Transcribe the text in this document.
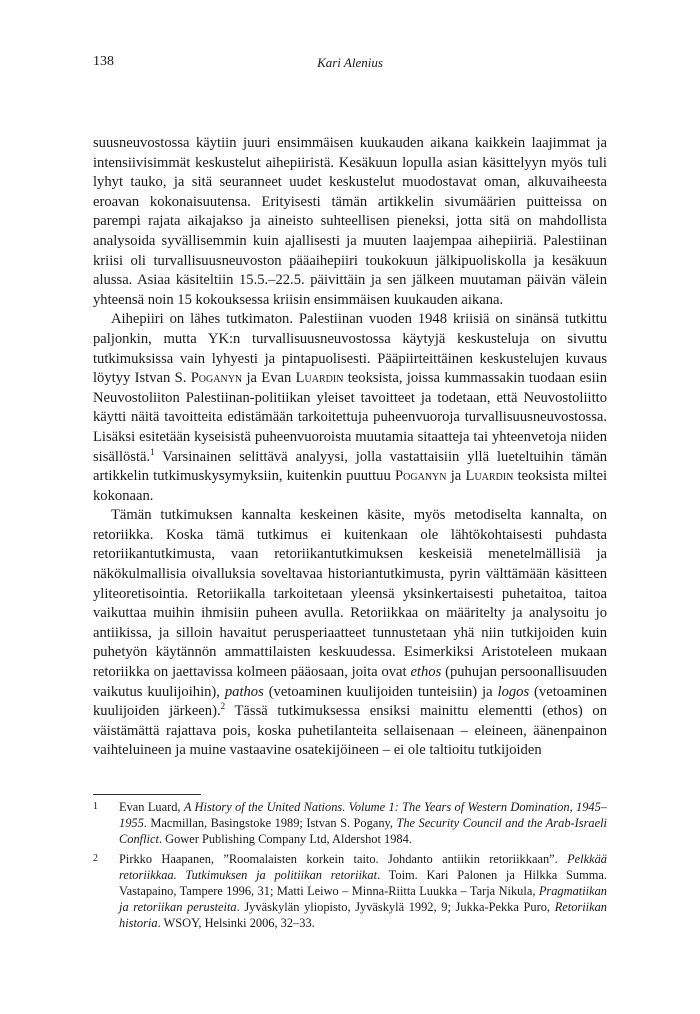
138	Kari Alenius

suusneuvostossa käytiin juuri ensimmäisen kuukauden aikana kaikkein laajimmat ja intensiivisimmät keskustelut aihepiiristä. Kesäkuun lopulla asian käsittelyyn myös tuli lyhyt tauko, ja sitä seuranneet uudet keskustelut muodostavat oman, alkuvaiheesta eroavan kokonaisuutensa. Erityisesti tämän artikkelin sivumäärien puitteissa on parempi rajata aikajakso ja aineisto suhteellisen pieneksi, jotta sitä on mahdollista analysoida syvällisemmin kuin ajallisesti ja muuten laajempaa aihepiiriä. Palestiinan kriisi oli turvallisuusneuvoston pääaihepiiri toukokuun jälkipuoliskolla ja kesäkuun alussa. Asiaa käsiteltiin 15.5.–22.5. päivittäin ja sen jälkeen muutaman päivän välein yhteensä noin 15 kokouksessa kriisin ensimmäisen kuukauden aikana.

Aihepiiri on lähes tutkimaton. Palestiinan vuoden 1948 kriisiä on sinänsä tutkittu paljonkin, mutta YK:n turvallisuusneuvostossa käytyjä keskusteluja on sivuttu tutkimuksissa vain lyhyesti ja pintapuolisesti. Pääpiirteittäinen keskustelujen kuvaus löytyy Istvan S. Poganyn ja Evan Luardin teoksista, joissa kummassakin tuodaan esiin Neuvostoliiton Palestiinan-politiikan yleiset tavoitteet ja todetaan, että Neuvostoliitto käytti näitä tavoitteita edistämään tarkoitettuja puheenvuoroja turvallisuusneuvostossa. Lisäksi esitetään kyseisistä puheenvuoroista muutamia sitaatteja tai yhteenvetoja niiden sisällöstä.$^1$ Varsinainen selittävä analyysi, jolla vastattaisiin yllä lueteltuihin tämän artikkelin tutkimuskysymyksiin, kuitenkin puuttuu Poganyn ja Luardin teoksista miltei kokonaan.

Tämän tutkimuksen kannalta keskeinen käsite, myös metodiselta kannalta, on retoriikka. Koska tämä tutkimus ei kuitenkaan ole lähtökohtaisesti puhdasta retoriikantutkimusta, vaan retoriikantutkimuksen keskeisiä menetelmällisiä ja näkökulmallisia oivalluksia soveltavaa historiantutkimusta, pyrin välttämään käsitteen yliteoretisointia. Retoriikalla tarkoitetaan yleensä yksinkertaisesti puhetaitoa, taitoa vaikuttaa muihin ihmisiin puheen avulla. Retoriikkaa on määritelty ja analysoitu jo antiikissa, ja silloin havaitut perusperiaatteet tunnustetaan yhä niin tutkijoiden kuin puhetyön käytännön ammattilaisten keskuudessa. Esimerkiksi Aristoteleen mukaan retoriikka on jaettavissa kolmeen pääosaan, joita ovat ethos (puhujan persoonallisuuden vaikutus kuulijoihin), pathos (vetoaminen kuulijoiden tunteisiin) ja logos (vetoaminen kuulijoiden järkeen).$^2$ Tässä tutkimuksessa ensiksi mainittu elementti (ethos) on väistämättä rajattava pois, koska puhetilanteita sellaisenaan – eleineen, äänenpainon vaihteluineen ja muine vastaavine osatekijöineen – ei ole taltioitu tutkijoiden

1 Evan Luard, A History of the United Nations. Volume 1: The Years of Western Domination, 1945–1955. Macmillan, Basingstoke 1989; Istvan S. Pogany, The Security Council and the Arab-Israeli Conflict. Gower Publishing Company Ltd, Aldershot 1984.
2 Pirkko Haapanen, ”Roomalaisten korkein taito. Johdanto antiikin retoriikkaan”. Pelkkää retoriikkaa. Tutkimuksen ja politiikan retoriikat. Toim. Kari Palonen ja Hilkka Summa. Vastapaino, Tampere 1996, 31; Matti Leiwo – Minna-Riitta Luukka – Tarja Nikula, Pragmatiikan ja retoriikan perusteita. Jyväskylän yliopisto, Jyväskylä 1992, 9; Jukka-Pekka Puro, Retoriikan historia. WSOY, Helsinki 2006, 32–33.
